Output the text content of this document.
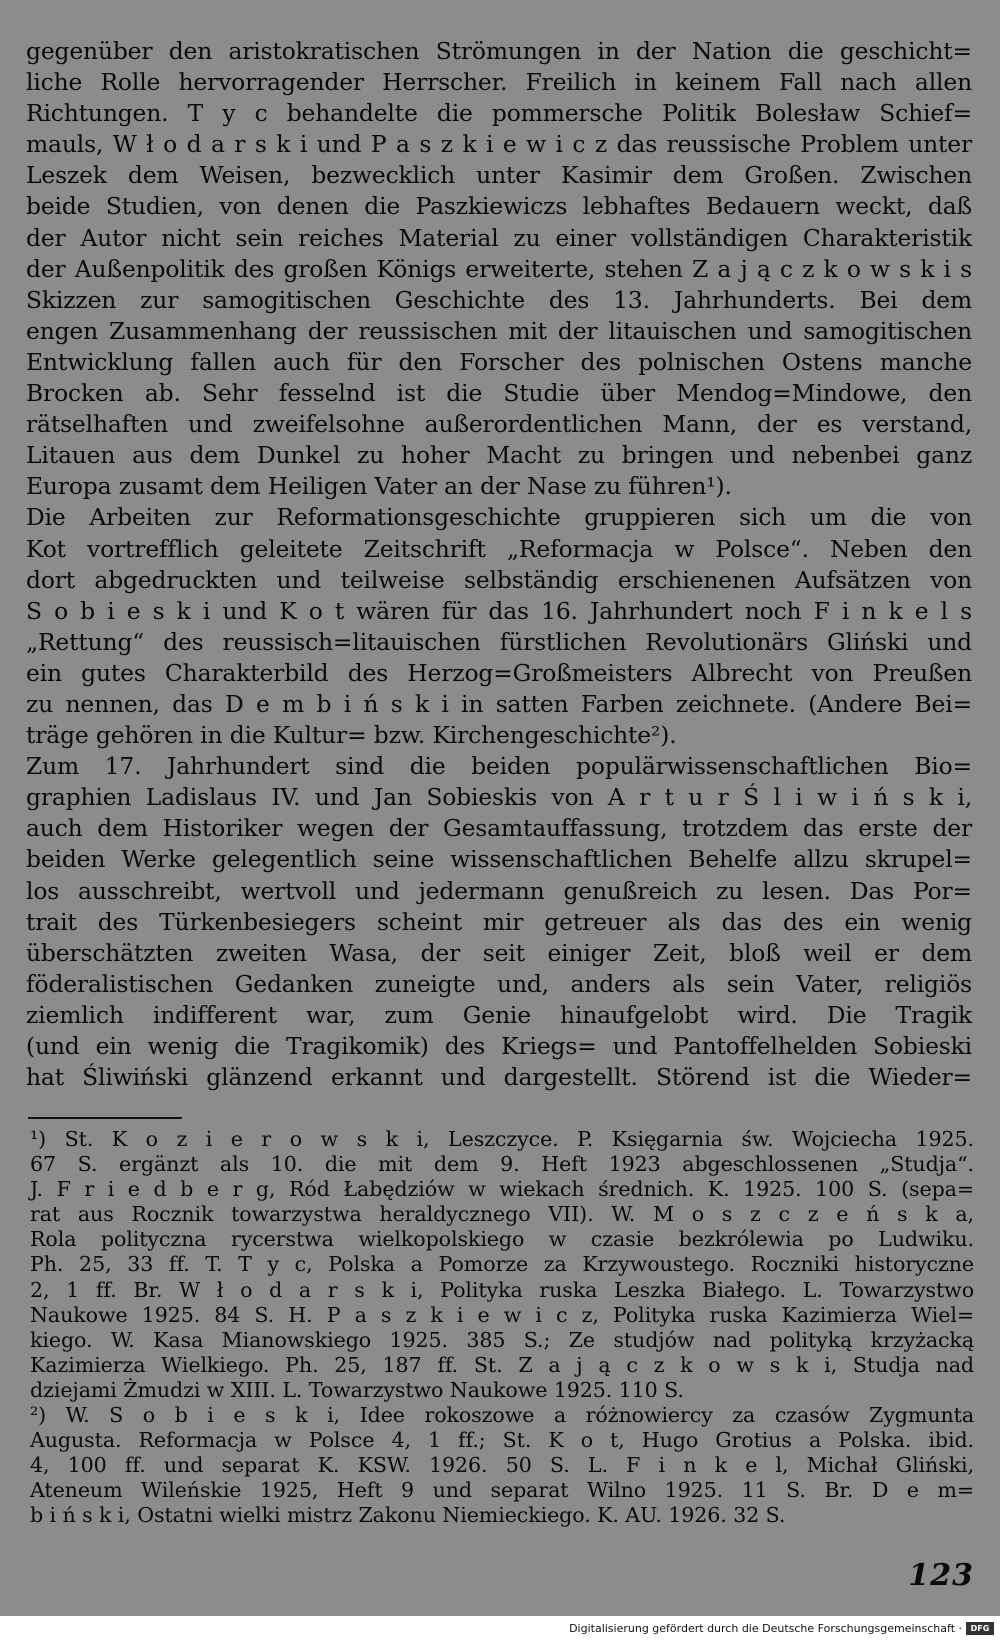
gegenüber den aristokratischen Strömungen in der Nation die geschicht=
liche Rolle hervorragender Herrscher. Freilich in keinem Fall nach allen
Richtungen. T y c behandelte die pommersche Politik Bolesław Schief=
mauls, W ł o d a r s k i und P a s z k i e w i c z das reussische Problem unter
Leszek dem Weisen, bezwecklich unter Kasimir dem Großen. Zwischen
beide Studien, von denen die Paszkiewiczs lebhaftes Bedauern weckt, daß
der Autor nicht sein reiches Material zu einer vollständigen Charakteristik
der Außenpolitik des großen Königs erweiterte, stehen Z a j ą c z k o w s k i s
Skizzen zur samogitischen Geschichte des 13. Jahrhunderts. Bei dem
engen Zusammenhang der reussischen mit der litauischen und samogitischen
Entwicklung fallen auch für den Forscher des polnischen Ostens manche
Brocken ab. Sehr fesselnd ist die Studie über Mendog=Mindowe, den
rätselhaften und zweifelsohne außerordentlichen Mann, der es verstand,
Litauen aus dem Dunkel zu hoher Macht zu bringen und nebenbei ganz
Europa zusamt dem Heiligen Vater an der Nase zu führen¹).
Die Arbeiten zur Reformationsgeschichte gruppieren sich um die von
Kot vortrefflich geleitete Zeitschrift „Reformacja w Polsce“. Neben den
dort abgedruckten und teilweise selbständig erschienenen Aufsätzen von
S o b i e s k i und K o t wären für das 16. Jahrhundert noch F i n k e l s
„Rettung“ des reussisch=litauischen fürstlichen Revolutionärs Gliński und
ein gutes Charakterbild des Herzog=Großmeisters Albrecht von Preußen
zu nennen, das D e m b i ń s k i in satten Farben zeichnete. (Andere Bei=
träge gehören in die Kultur= bzw. Kirchengeschichte²).
Zum 17. Jahrhundert sind die beiden populärwissenschaftlichen Bio=
graphien Ladislaus IV. und Jan Sobieskis von A r t u r Ś l i w i ń s k i,
auch dem Historiker wegen der Gesamtauffassung, trotzdem das erste der
beiden Werke gelegentlich seine wissenschaftlichen Behelfe allzu skrupel=
los ausschreibt, wertvoll und jedermann genußreich zu lesen. Das Por=
trait des Türkenbesiegers scheint mir getreuer als das des ein wenig
überschätzten zweiten Wasa, der seit einiger Zeit, bloß weil er dem
föderalistischen Gedanken zuneigte und, anders als sein Vater, religiös
ziemlich indifferent war, zum Genie hinaufgelobt wird. Die Tragik
(und ein wenig die Tragikomik) des Kriegs= und Pantoffelhelden Sobieski
hat Śliwiński glänzend erkannt und dargestellt. Störend ist die Wieder=
¹) St. K o z i e r o w s k i, Leszczyce. P. Księgarnia św. Wojciecha 1925.
67 S. ergänzt als 10. die mit dem 9. Heft 1923 abgeschlossenen „Studja“.
J. F r i e d b e r g, Ród Łabędziów w wiekach średnich. K. 1925. 100 S. (sepa=
rat aus Rocznik towarzystwa heraldycznego VII). W. M o s z c z e ń s k a,
Rola polityczna rycerstwa wielkopolskiego w czasie bezkrólewia po Ludwiku.
Ph. 25, 33 ff. T. T y c, Polska a Pomorze za Krzywoustego. Roczniki historyczne
2, 1 ff. Br. W ł o d a r s k i, Polityka ruska Leszka Białego. L. Towarzystwo
Naukowe 1925. 84 S. H. P a s z k i e w i c z, Polityka ruska Kazimierza Wiel=
kiego. W. Kasa Mianowskiego 1925. 385 S.; Ze studjów nad polityką krzyżacką
Kazimierza Wielkiego. Ph. 25, 187 ff. St. Z a j ą c z k o w s k i, Studja nad
dziejami Żmudzi w XIII. L. Towarzystwo Naukowe 1925. 110 S.
²) W. S o b i e s k i, Idee rokoszowe a różnowiercy za czasów Zygmunta
Augusta. Reformacja w Polsce 4, 1 ff.; St. K o t, Hugo Grotius a Polska. ibid.
4, 100 ff. und separat K. KSW. 1926. 50 S. L. F i n k e l, Michał Gliński,
Ateneum Wileńskie 1925, Heft 9 und separat Wilno 1925. 11 S. Br. D e m=
b i ń s k i, Ostatni wielki mistrz Zakonu Niemieckiego. K. AU. 1926. 32 S.
123
Digitalisierung gefördert durch die Deutsche Forschungsgemeinschaft ·	DFG
